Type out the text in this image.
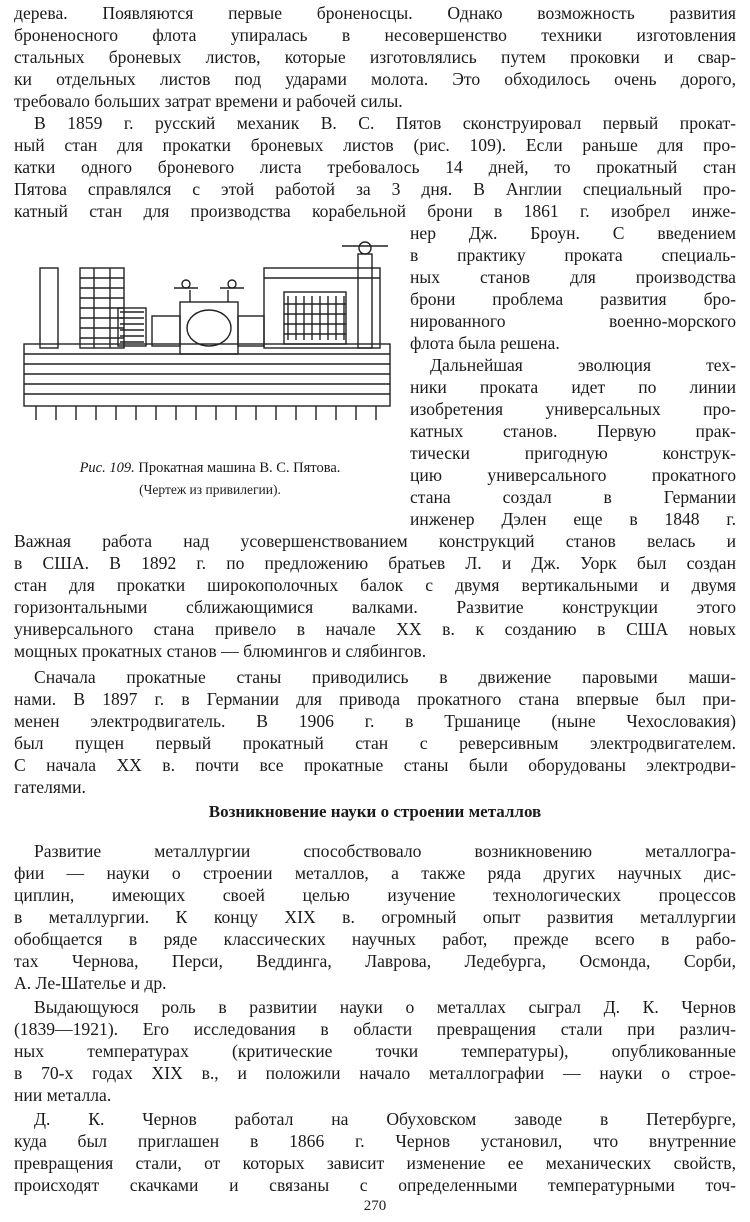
дерева. Появляются первые броненосцы. Однако возможность развития
броненосного флота упиралась в несовершенство техники изготовления
стальных броневых листов, которые изготовлялись путем проковки и свар-
ки отдельных листов под ударами молота. Это обходилось очень дорого,
требовало больших затрат времени и рабочей силы.
В 1859 г. русский механик В. С. Пятов сконструировал первый прокат-
ный стан для прокатки броневых листов (рис. 109). Если раньше для про-
катки одного броневого листа требовалось 14 дней, то прокатный стан
Пятова справлялся с этой работой за 3 дня. В Англии специальный про-
катный стан для производства корабельной брони в 1861 г. изобрел инже-
нер Дж. Броун. С введением
в практику проката специаль-
ных станов для производства
брони проблема развития бро-
нированного военно-морского
флота была решена.
Дальнейшая эволюция тех-
ники проката идет по линии
изобретения универсальных про-
катных станов. Первую прак-
тически пригодную конструк-
цию универсального прокатного
стана создал в Германии
инженер Дэлен еще в 1848 г.
Рис. 109. Прокатная машина В. С. Пятова.
(Чертеж из привилегии).
Важная работа над усовершенствованием конструкций станов велась и
в США. В 1892 г. по предложению братьев Л. и Дж. Уорк был создан
стан для прокатки широкополочных балок с двумя вертикальными и двумя
горизонтальными сближающимися валками. Развитие конструкции этого
универсального стана привело в начале XX в. к созданию в США новых
мощных прокатных станов — блюмингов и слябингов.
Сначала прокатные станы приводились в движение паровыми маши-
нами. В 1897 г. в Германии для привода прокатного стана впервые был при-
менен электродвигатель. В 1906 г. в Тршанице (ныне Чехословакия)
был пущен первый прокатный стан с реверсивным электродвигателем.
С начала XX в. почти все прокатные станы были оборудованы электродви-
гателями.
Возникновение науки о строении металлов
Развитие металлургии способствовало возникновению металлогра-
фии — науки о строении металлов, а также ряда других научных дис-
циплин, имеющих своей целью изучение технологических процессов
в металлургии. К концу XIX в. огромный опыт развития металлургии
обобщается в ряде классических научных работ, прежде всего в рабо-
тах Чернова, Перси, Веддинга, Лаврова, Ледебурга, Осмонда, Сорби,
А. Ле-Шателье и др.
Выдающуюся роль в развитии науки о металлах сыграл Д. К. Чернов
(1839—1921). Его исследования в области превращения стали при различ-
ных температурах (критические точки температуры), опубликованные
в 70-х годах XIX в., и положили начало металлографии — науки о строе-
нии металла.
Д. К. Чернов работал на Обуховском заводе в Петербурге,
куда был приглашен в 1866 г. Чернов установил, что внутренние
превращения стали, от которых зависит изменение ее механических свойств,
происходят скачками и связаны с определенными температурными точ-
270
